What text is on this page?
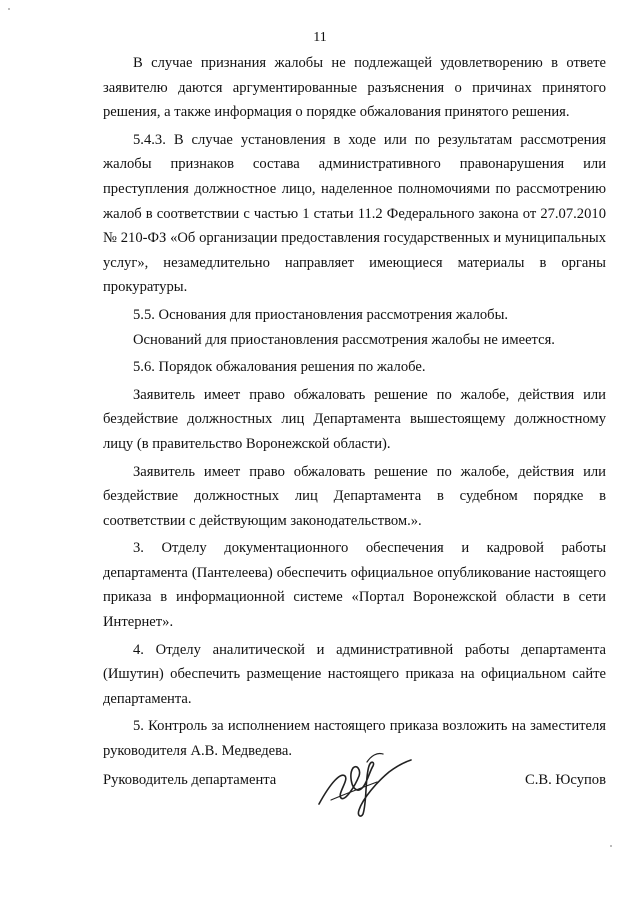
11

В случае признания жалобы не подлежащей удовлетворению в ответе заявителю даются аргументированные разъяснения о причинах принятого решения, а также информация о порядке обжалования принятого решения.

5.4.3. В случае установления в ходе или по результатам рассмотрения жалобы признаков состава административного правонарушения или преступления должностное лицо, наделенное полномочиями по рассмотрению жалоб в соответствии с частью 1 статьи 11.2 Федерального закона от 27.07.2010 № 210-ФЗ «Об организации предоставления государственных и муниципальных услуг», незамедлительно направляет имеющиеся материалы в органы прокуратуры.

5.5. Основания для приостановления рассмотрения жалобы.

Оснований для приостановления рассмотрения жалобы не имеется.

5.6. Порядок обжалования решения по жалобе.

Заявитель имеет право обжаловать решение по жалобе, действия или бездействие должностных лиц Департамента вышестоящему должностному лицу (в правительство Воронежской области).

Заявитель имеет право обжаловать решение по жалобе, действия или бездействие должностных лиц Департамента в судебном порядке в соответствии с действующим законодательством.».

3. Отделу документационного обеспечения и кадровой работы департамента (Пантелеева) обеспечить официальное опубликование настоящего приказа в информационной системе «Портал Воронежской области в сети Интернет».

4. Отделу аналитической и административной работы департамента (Ишутин) обеспечить размещение настоящего приказа на официальном сайте департамента.

5. Контроль за исполнением настоящего приказа возложить на заместителя руководителя А.В. Медведева.

Руководитель департамента	С.В. Юсупов
